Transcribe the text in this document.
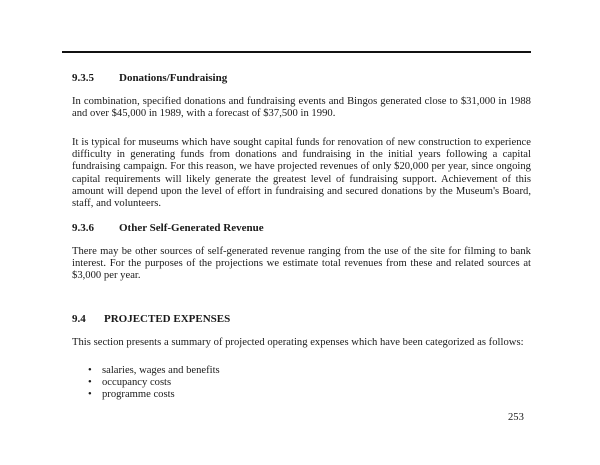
9.3.5 Donations/Fundraising
In combination, specified donations and fundraising events and Bingos generated close to $31,000 in 1988 and over $45,000 in 1989, with a forecast of $37,500 in 1990.
It is typical for museums which have sought capital funds for renovation of new construction to experience difficulty in generating funds from donations and fundraising in the initial years following a capital fundraising campaign. For this reason, we have projected revenues of only $20,000 per year, since ongoing capital requirements will likely generate the greatest level of fundraising support. Achievement of this amount will depend upon the level of effort in fundraising and secured donations by the Museum's Board, staff, and volunteers.
9.3.6 Other Self-Generated Revenue
There may be other sources of self-generated revenue ranging from the use of the site for filming to bank interest. For the purposes of the projections we estimate total revenues from these and related sources at $3,000 per year.
9.4 PROJECTED EXPENSES
This section presents a summary of projected operating expenses which have been categorized as follows:
• salaries, wages and benefits
• occupancy costs
• programme costs
253
